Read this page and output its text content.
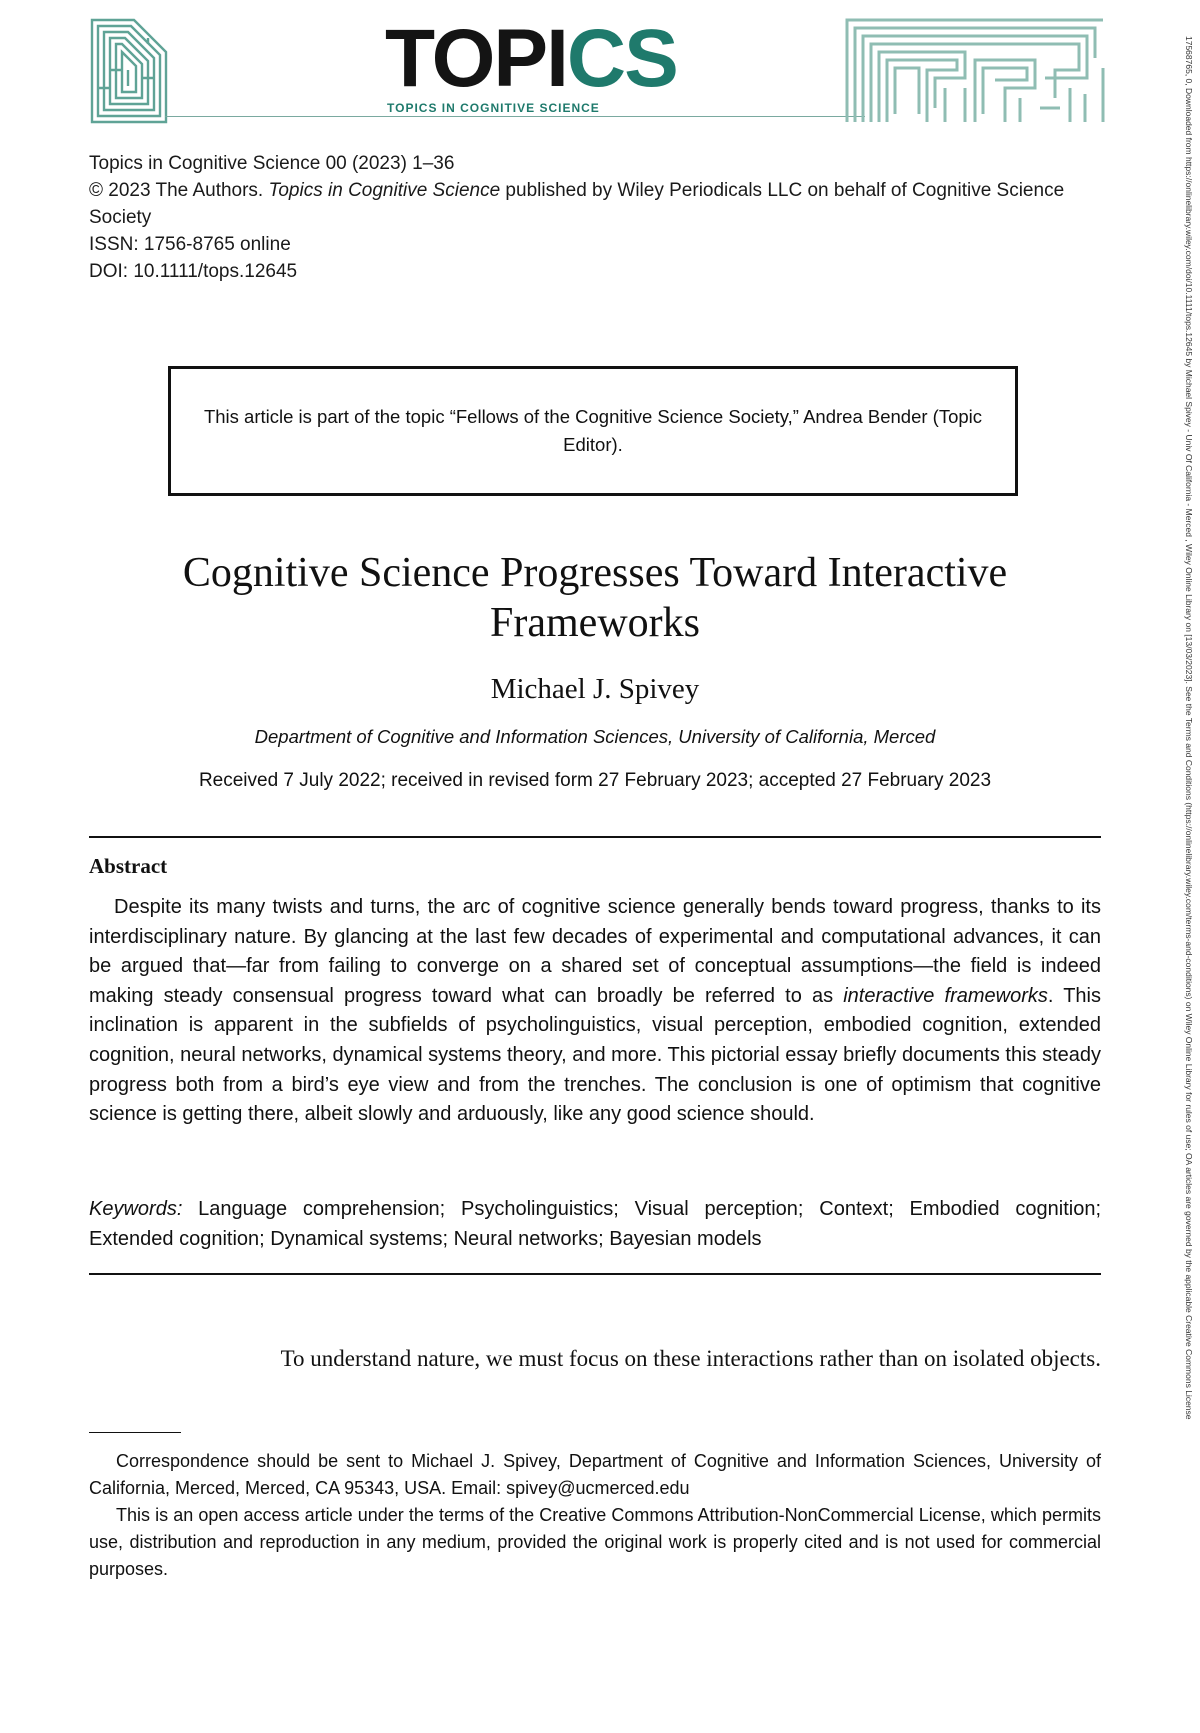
TOPICS
TOPICS IN COGNITIVE SCIENCE	17568765, 0, Downloaded from https://onlinelibrary.wiley.com/doi/10.1111/tops.12645 by Michael Spivey - Univ Of California - Merced , Wiley Online Library on [13/03/2023]. See the Terms and Conditions (https://onlinelibrary.wiley.com/terms-and-conditions) on Wiley Online Library for rules of use; OA articles are governed by the applicable Creative Commons License
Topics in Cognitive Science 00 (2023) 1–36
© 2023 The Authors. Topics in Cognitive Science published by Wiley Periodicals LLC on behalf of Cognitive Science Society
ISSN: 1756-8765 online
DOI: 10.1111/tops.12645

This article is part of the topic “Fellows of the Cognitive Science Society,” Andrea Bender (Topic Editor).

Cognitive Science Progresses Toward Interactive
Frameworks
Michael J. Spivey
Department of Cognitive and Information Sciences, University of California, Merced
Received 7 July 2022; received in revised form 27 February 2023; accepted 27 February 2023
Abstract

Despite its many twists and turns, the arc of cognitive science generally bends toward progress, thanks to its interdisciplinary nature. By glancing at the last few decades of experimental and computational advances, it can be argued that—far from failing to converge on a shared set of conceptual assumptions—the field is indeed making steady consensual progress toward what can broadly be referred to as interactive frameworks. This inclination is apparent in the subfields of psycholinguistics, visual perception, embodied cognition, extended cognition, neural networks, dynamical systems theory, and more. This pictorial essay briefly documents this steady progress both from a bird’s eye view and from the trenches. The conclusion is one of optimism that cognitive science is getting there, albeit slowly and arduously, like any good science should.

Keywords: Language comprehension; Psycholinguistics; Visual perception; Context; Embodied cognition; Extended cognition; Dynamical systems; Neural networks; Bayesian models

To understand nature, we must focus on these interactions rather than on isolated objects.

Correspondence should be sent to Michael J. Spivey, Department of Cognitive and Information Sciences, University of California, Merced, Merced, CA 95343, USA. Email: spivey@ucmerced.edu

This is an open access article under the terms of the Creative Commons Attribution-NonCommercial License, which permits use, distribution and reproduction in any medium, provided the original work is properly cited and is not used for commercial purposes.
